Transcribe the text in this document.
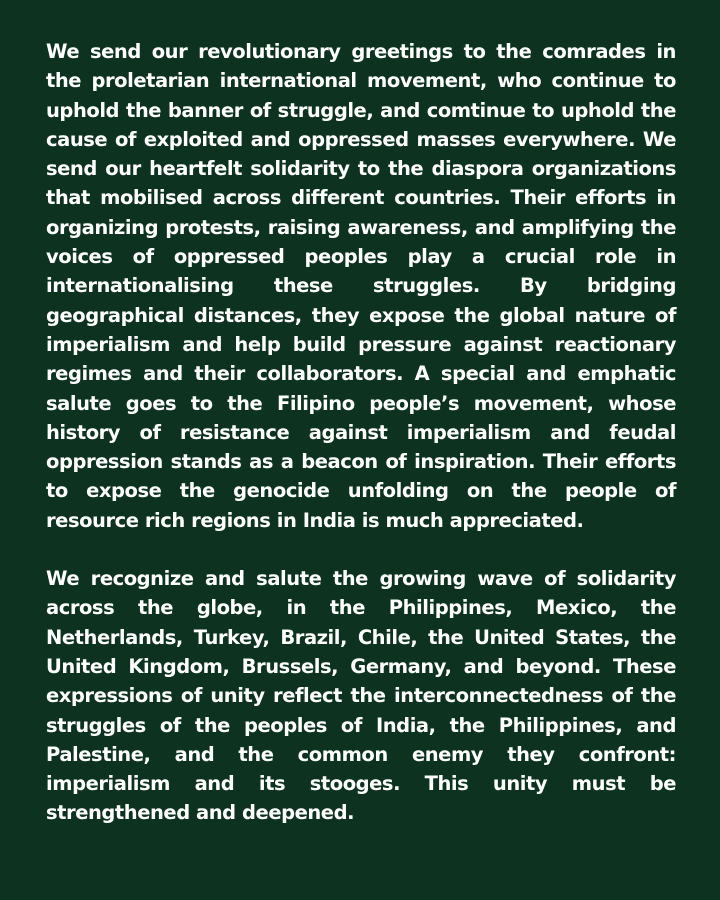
We send our revolutionary greetings to the comrades in the proletarian international movement, who continue to uphold the banner of struggle, and comtinue to uphold the cause of exploited and oppressed masses everywhere. We send our heartfelt solidarity to the diaspora organizations that mobilised across different countries. Their efforts in organizing protests, raising awareness, and amplifying the voices of oppressed peoples play a crucial role in internationalising these struggles. By bridging geographical distances, they expose the global nature of imperialism and help build pressure against reactionary regimes and their collaborators. A special and emphatic salute goes to the Filipino people’s movement, whose history of resistance against imperialism and feudal oppression stands as a beacon of inspiration. Their efforts to expose the genocide unfolding on the people of resource rich regions in India is much appreciated.

We recognize and salute the growing wave of solidarity across the globe, in the Philippines, Mexico, the Netherlands, Turkey, Brazil, Chile, the United States, the United Kingdom, Brussels, Germany, and beyond. These expressions of unity reflect the interconnectedness of the struggles of the peoples of India, the Philippines, and Palestine, and the common enemy they confront: imperialism and its stooges. This unity must be strengthened and deepened.
